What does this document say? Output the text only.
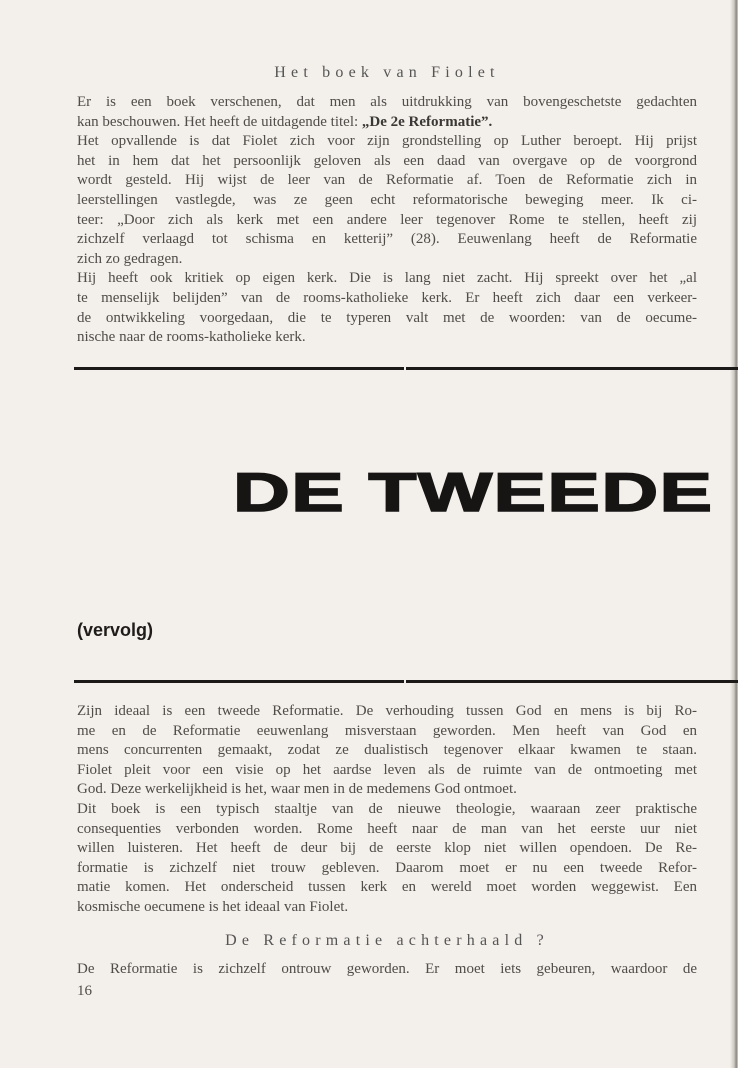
Het boek van Fiolet
Er is een boek verschenen, dat men als uitdrukking van bovengeschetste gedachten
kan beschouwen. Het heeft de uitdagende titel: „De 2e Reformatie”.
Het opvallende is dat Fiolet zich voor zijn grondstelling op Luther beroept. Hij prijst
het in hem dat het persoonlijk geloven als een daad van overgave op de voorgrond
wordt gesteld. Hij wijst de leer van de Reformatie af. Toen de Reformatie zich in
leerstellingen vastlegde, was ze geen echt reformatorische beweging meer. Ik ci-
teer: „Door zich als kerk met een andere leer tegenover Rome te stellen, heeft zij
zichzelf verlaagd tot schisma en ketterij” (28). Eeuwenlang heeft de Reformatie
zich zo gedragen.
Hij heeft ook kritiek op eigen kerk. Die is lang niet zacht. Hij spreekt over het „al
te menselijk belijden” van de rooms-katholieke kerk. Er heeft zich daar een verkeer-
de ontwikkeling voorgedaan, die te typeren valt met de woorden: van de oecume-
nische naar de rooms-katholieke kerk.
DE TWEEDE
(vervolg)
Zijn ideaal is een tweede Reformatie. De verhouding tussen God en mens is bij Ro-
me en de Reformatie eeuwenlang misverstaan geworden. Men heeft van God en
mens concurrenten gemaakt, zodat ze dualistisch tegenover elkaar kwamen te staan.
Fiolet pleit voor een visie op het aardse leven als de ruimte van de ontmoeting met
God. Deze werkelijkheid is het, waar men in de medemens God ontmoet.
Dit boek is een typisch staaltje van de nieuwe theologie, waaraan zeer praktische
consequenties verbonden worden. Rome heeft naar de man van het eerste uur niet
willen luisteren. Het heeft de deur bij de eerste klop niet willen opendoen. De Re-
formatie is zichzelf niet trouw gebleven. Daarom moet er nu een tweede Refor-
matie komen. Het onderscheid tussen kerk en wereld moet worden weggewist. Een
kosmische oecumene is het ideaal van Fiolet.
De Reformatie achterhaald ?
De Reformatie is zichzelf ontrouw geworden. Er moet iets gebeuren, waardoor de
16
